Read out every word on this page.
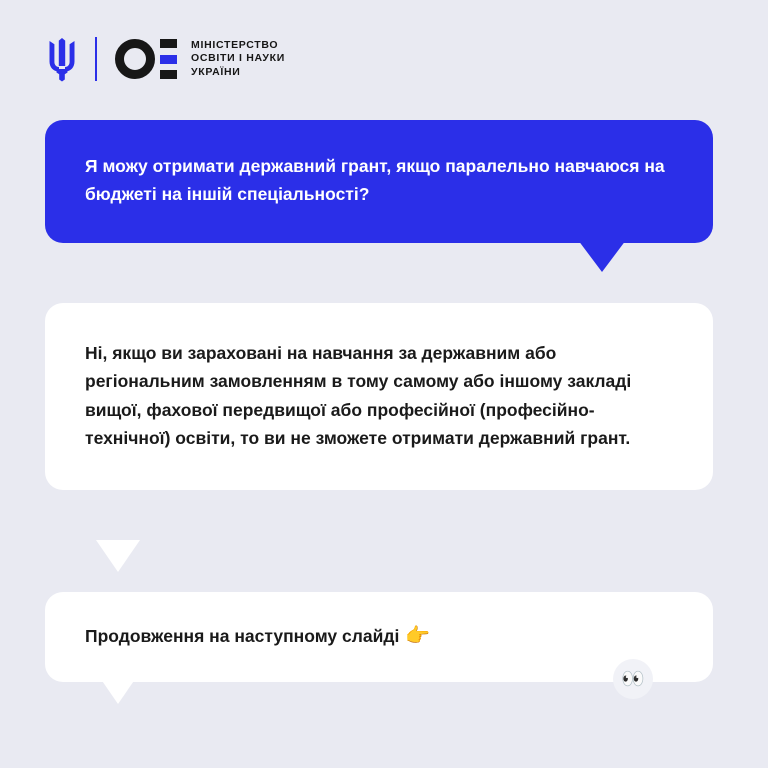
МІНІСТЕРСТВО
ОСВІТИ І НАУКИ
УКРАЇНИ
Я можу отримати державний грант, якщо паралельно навчаюся на бюджеті на іншій спеціальності?
Ні, якщо ви зараховані на навчання за державним або регіональним замовленням в тому самому або іншому закладі вищої, фахової передвищої або професійної (професійно-технічної) освіти, то ви не зможете отримати державний грант.
Продовження на наступному слайді 👉
👀
